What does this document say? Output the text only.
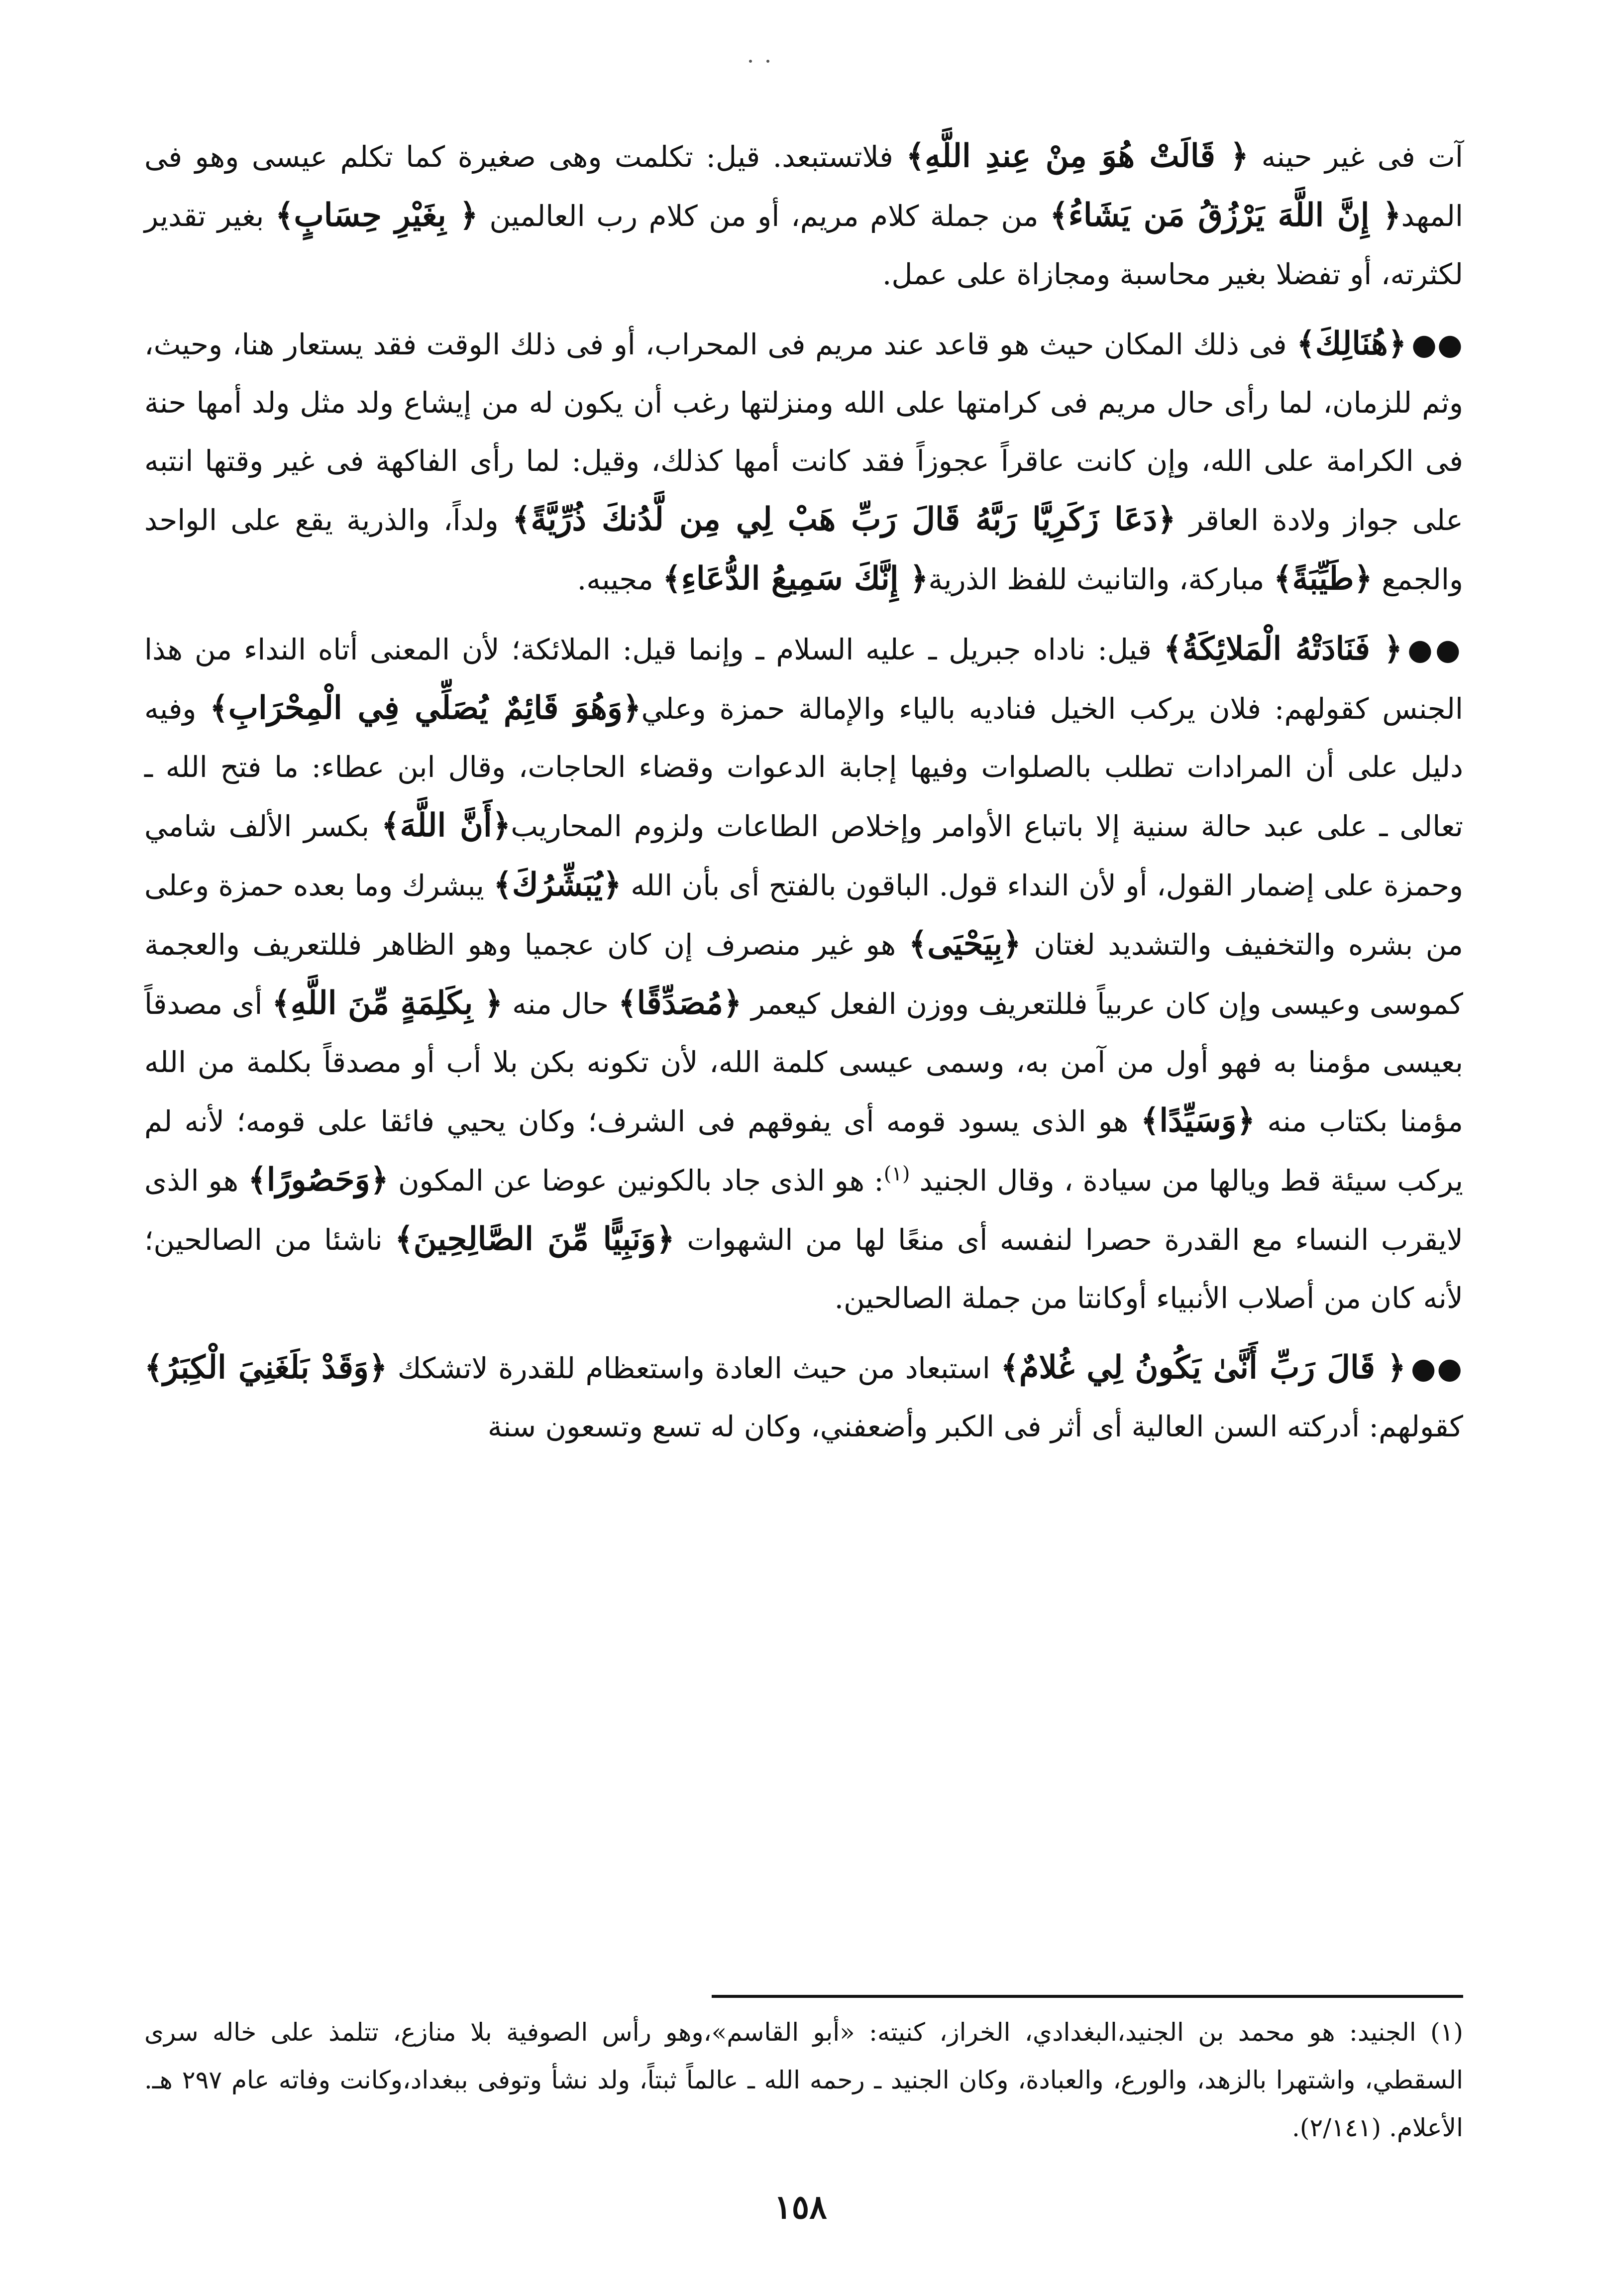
آت فى غير حينه ﴿ قَالَتْ هُوَ مِنْ عِندِ اللَّهِ﴾ فلاتستبعد. قيل: تكلمت وهى صغيرة كما تكلم عيسى وهو فى المهد﴿ إِنَّ اللَّهَ يَرْزُقُ مَن يَشَاءُ﴾ من جملة كلام مريم، أو من كلام رب العالمين ﴿ بِغَيْرِ حِسَابٍ﴾ بغير تقدير لكثرته، أو تفضلا بغير محاسبة ومجازاة على عمل.

●●﴿هُنَالِكَ﴾ فى ذلك المكان حيث هو قاعد عند مريم فى المحراب، أو فى ذلك الوقت فقد يستعار هنا، وحيث، وثم للزمان، لما رأى حال مريم فى كرامتها على الله ومنزلتها رغب أن يكون له من إيشاع ولد مثل ولد أمها حنة فى الكرامة على الله، وإن كانت عاقراً عجوزاً فقد كانت أمها كذلك، وقيل: لما رأى الفاكهة فى غير وقتها انتبه على جواز ولادة العاقر ﴿دَعَا زَكَرِيَّا رَبَّهُ قَالَ رَبِّ هَبْ لِي مِن لَّدُنكَ ذُرِّيَّةً﴾ ولداً، والذرية يقع على الواحد والجمع ﴿طَيِّبَةً﴾ مباركة، والتانيث للفظ الذرية﴿ إِنَّكَ سَمِيعُ الدُّعَاءِ﴾ مجيبه.

●●﴿ فَنَادَتْهُ الْمَلائِكَةُ﴾ قيل: ناداه جبريل ـ عليه السلام ـ وإنما قيل: الملائكة؛ لأن المعنى أتاه النداء من هذا الجنس كقولهم: فلان يركب الخيل فناديه بالياء والإمالة حمزة وعلي﴿وَهُوَ قَائِمٌ يُصَلِّي فِي الْمِحْرَابِ﴾ وفيه دليل على أن المرادات تطلب بالصلوات وفيها إجابة الدعوات وقضاء الحاجات، وقال ابن عطاء: ما فتح الله ـ تعالى ـ على عبد حالة سنية إلا باتباع الأوامر وإخلاص الطاعات ولزوم المحاريب﴿أَنَّ اللَّهَ﴾ بكسر الألف شامي وحمزة على إضمار القول، أو لأن النداء قول. الباقون بالفتح أى بأن الله ﴿يُبَشِّرُكَ﴾ يبشرك وما بعده حمزة وعلى من بشره والتخفيف والتشديد لغتان ﴿بِيَحْيَى﴾ هو غير منصرف إن كان عجميا وهو الظاهر فللتعريف والعجمة كموسى وعيسى وإن كان عربياً فللتعريف ووزن الفعل كيعمر ﴿مُصَدِّقًا﴾ حال منه ﴿ بِكَلِمَةٍ مِّنَ اللَّهِ﴾ أى مصدقاً بعيسى مؤمنا به فهو أول من آمن به، وسمى عيسى كلمة الله، لأن تكونه بكن بلا أب أو مصدقاً بكلمة من الله مؤمنا بكتاب منه ﴿وَسَيِّدًا﴾ هو الذى يسود قومه أى يفوقهم فى الشرف؛ وكان يحيي فائقا على قومه؛ لأنه لم يركب سيئة قط ويالها من سيادة ، وقال الجنيد $^{(١)}$: هو الذى جاد بالكونين عوضا عن المكون ﴿وَحَصُورًا﴾ هو الذى لايقرب النساء مع القدرة حصرا لنفسه أى منعًا لها من الشهوات ﴿وَنَبِيًّا مِّنَ الصَّالِحِينَ﴾ ناشئا من الصالحين؛ لأنه كان من أصلاب الأنبياء أوكانتا من جملة الصالحين.

●●﴿ قَالَ رَبِّ أَنَّىٰ يَكُونُ لِي غُلامٌ﴾ استبعاد من حيث العادة واستعظام للقدرة لاتشكك ﴿وَقَدْ بَلَغَنِيَ الْكِبَرُ﴾ كقولهم: أدركته السن العالية أى أثر فى الكبر وأضعفني، وكان له تسع وتسعون سنة

(١) الجنيد: هو محمد بن الجنيد،البغدادي، الخراز، كنيته: «أبو القاسم»،وهو رأس الصوفية بلا منازع، تتلمذ على خاله سرى السقطي، واشتهرا بالزهد، والورع، والعبادة، وكان الجنيد ـ رحمه الله ـ عالماً ثبتاً، ولد نشأ وتوفى ببغداد،وكانت وفاته عام ٢٩٧ هـ. الأعلام. (٢/١٤١).
١٥٨
